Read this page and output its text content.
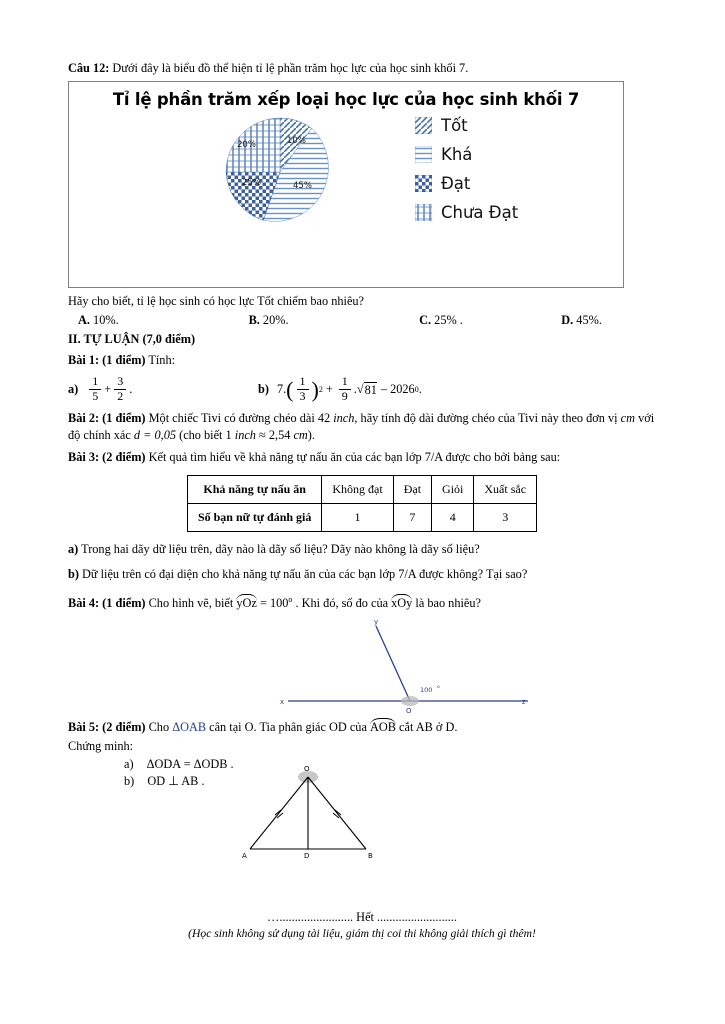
Câu 12: Dưới đây là biểu đồ thể hiện tỉ lệ phần trăm học lực của học sinh khối 7.
Tỉ lệ phần trăm xếp loại học lực của học sinh khối 7
10%
45%
25%
20%
Tốt
Khá
Đạt
Chưa Đạt
Hãy cho biết, tỉ lệ học sinh có học lực Tốt chiếm bao nhiêu?
A. 10%.	B. 20%.	C. 25% .	D. 45%.
II. TỰ LUẬN (7,0 điểm)
Bài 1: (1 điểm) Tính:
$a) \frac{1}{5} + \frac{3}{2}$ .	b) 7. ( $\frac{1}{3}$ ) $2 + \frac{1}{9}$ . √ 81 – 2026 0 .
Bài 2: (1 điểm) Một chiếc Tivi có đường chéo dài 42 inch, hãy tính độ dài đường chéo của Tivi này theo đơn vị cm với độ chính xác d = 0,05 (cho biết 1 inch ≈ 2,54 cm).
Bài 3: (2 điểm) Kết quả tìm hiểu về khả năng tự nấu ăn của các bạn lớp 7/A được cho bởi bảng sau:
Khả năng tự nấu ăn	Không đạt	Đạt	Giỏi	Xuất sắc
Số bạn nữ tự đánh giá	1	7	4	3
a) Trong hai dãy dữ liệu trên, dãy nào là dãy số liệu? Dãy nào không là dãy số liệu?
b) Dữ liệu trên có đại diện cho khả năng tự nấu ăn của các bạn lớp 7/A được không? Tại sao?
Bài 4: (1 điểm) Cho hình vẽ, biết yOz = $100^o$ . Khi đó, số đo của xOy là bao nhiêu?
y
x
O
z
100 o
Bài 5: (2 điểm) Cho ΔOAB cân tại O. Tia phân giác OD của AOB cắt AB ở D.
Chứng minh:
a) ΔODA = ΔODB .
b) OD ⊥ AB .
A	D	B
O
…........................ Hết ..........................
(Học sinh không sử dụng tài liệu, giám thị coi thi không giải thích gì thêm!
